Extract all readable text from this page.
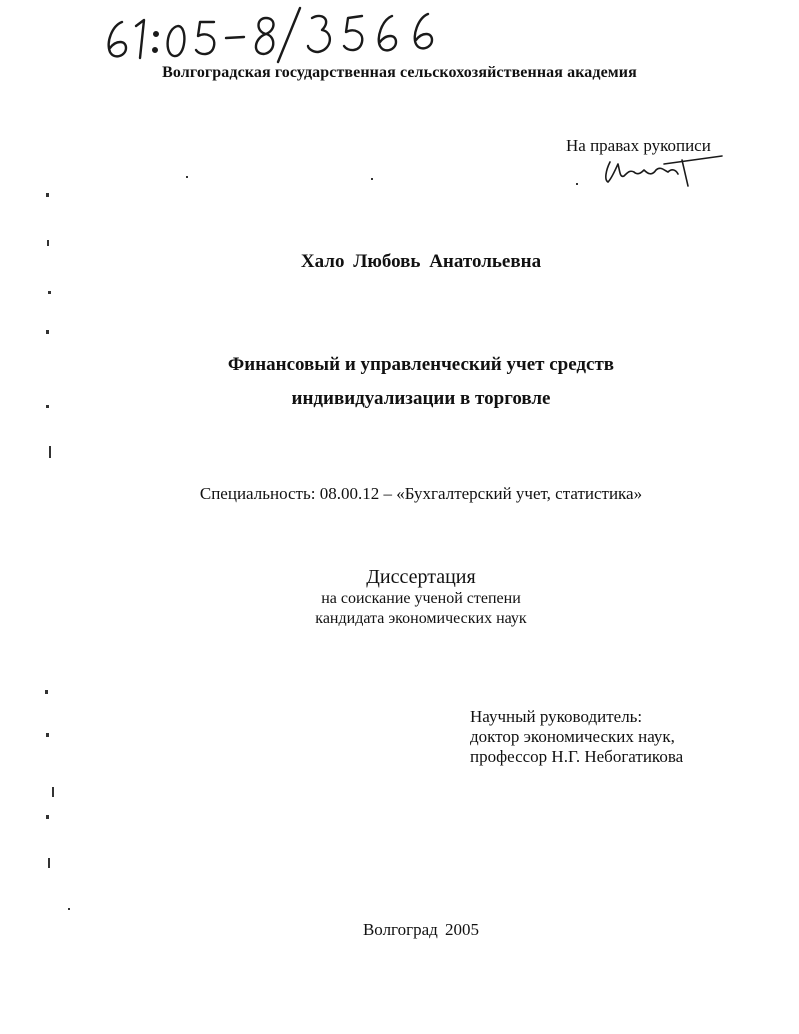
Волгоградская государственная сельскохозяйственная академия

На правах рукописи

Хало Любовь Анатольевна

Финансовый и управленческий учет средств

индивидуализации в торговле

Специальность: 08.00.12 – «Бухгалтерский учет, статистика»

Диссертация

на соискание ученой степени

кандидата экономических наук

Научный руководитель:

доктор экономических наук,

профессор Н.Г. Небогатикова

Волгоград 2005
